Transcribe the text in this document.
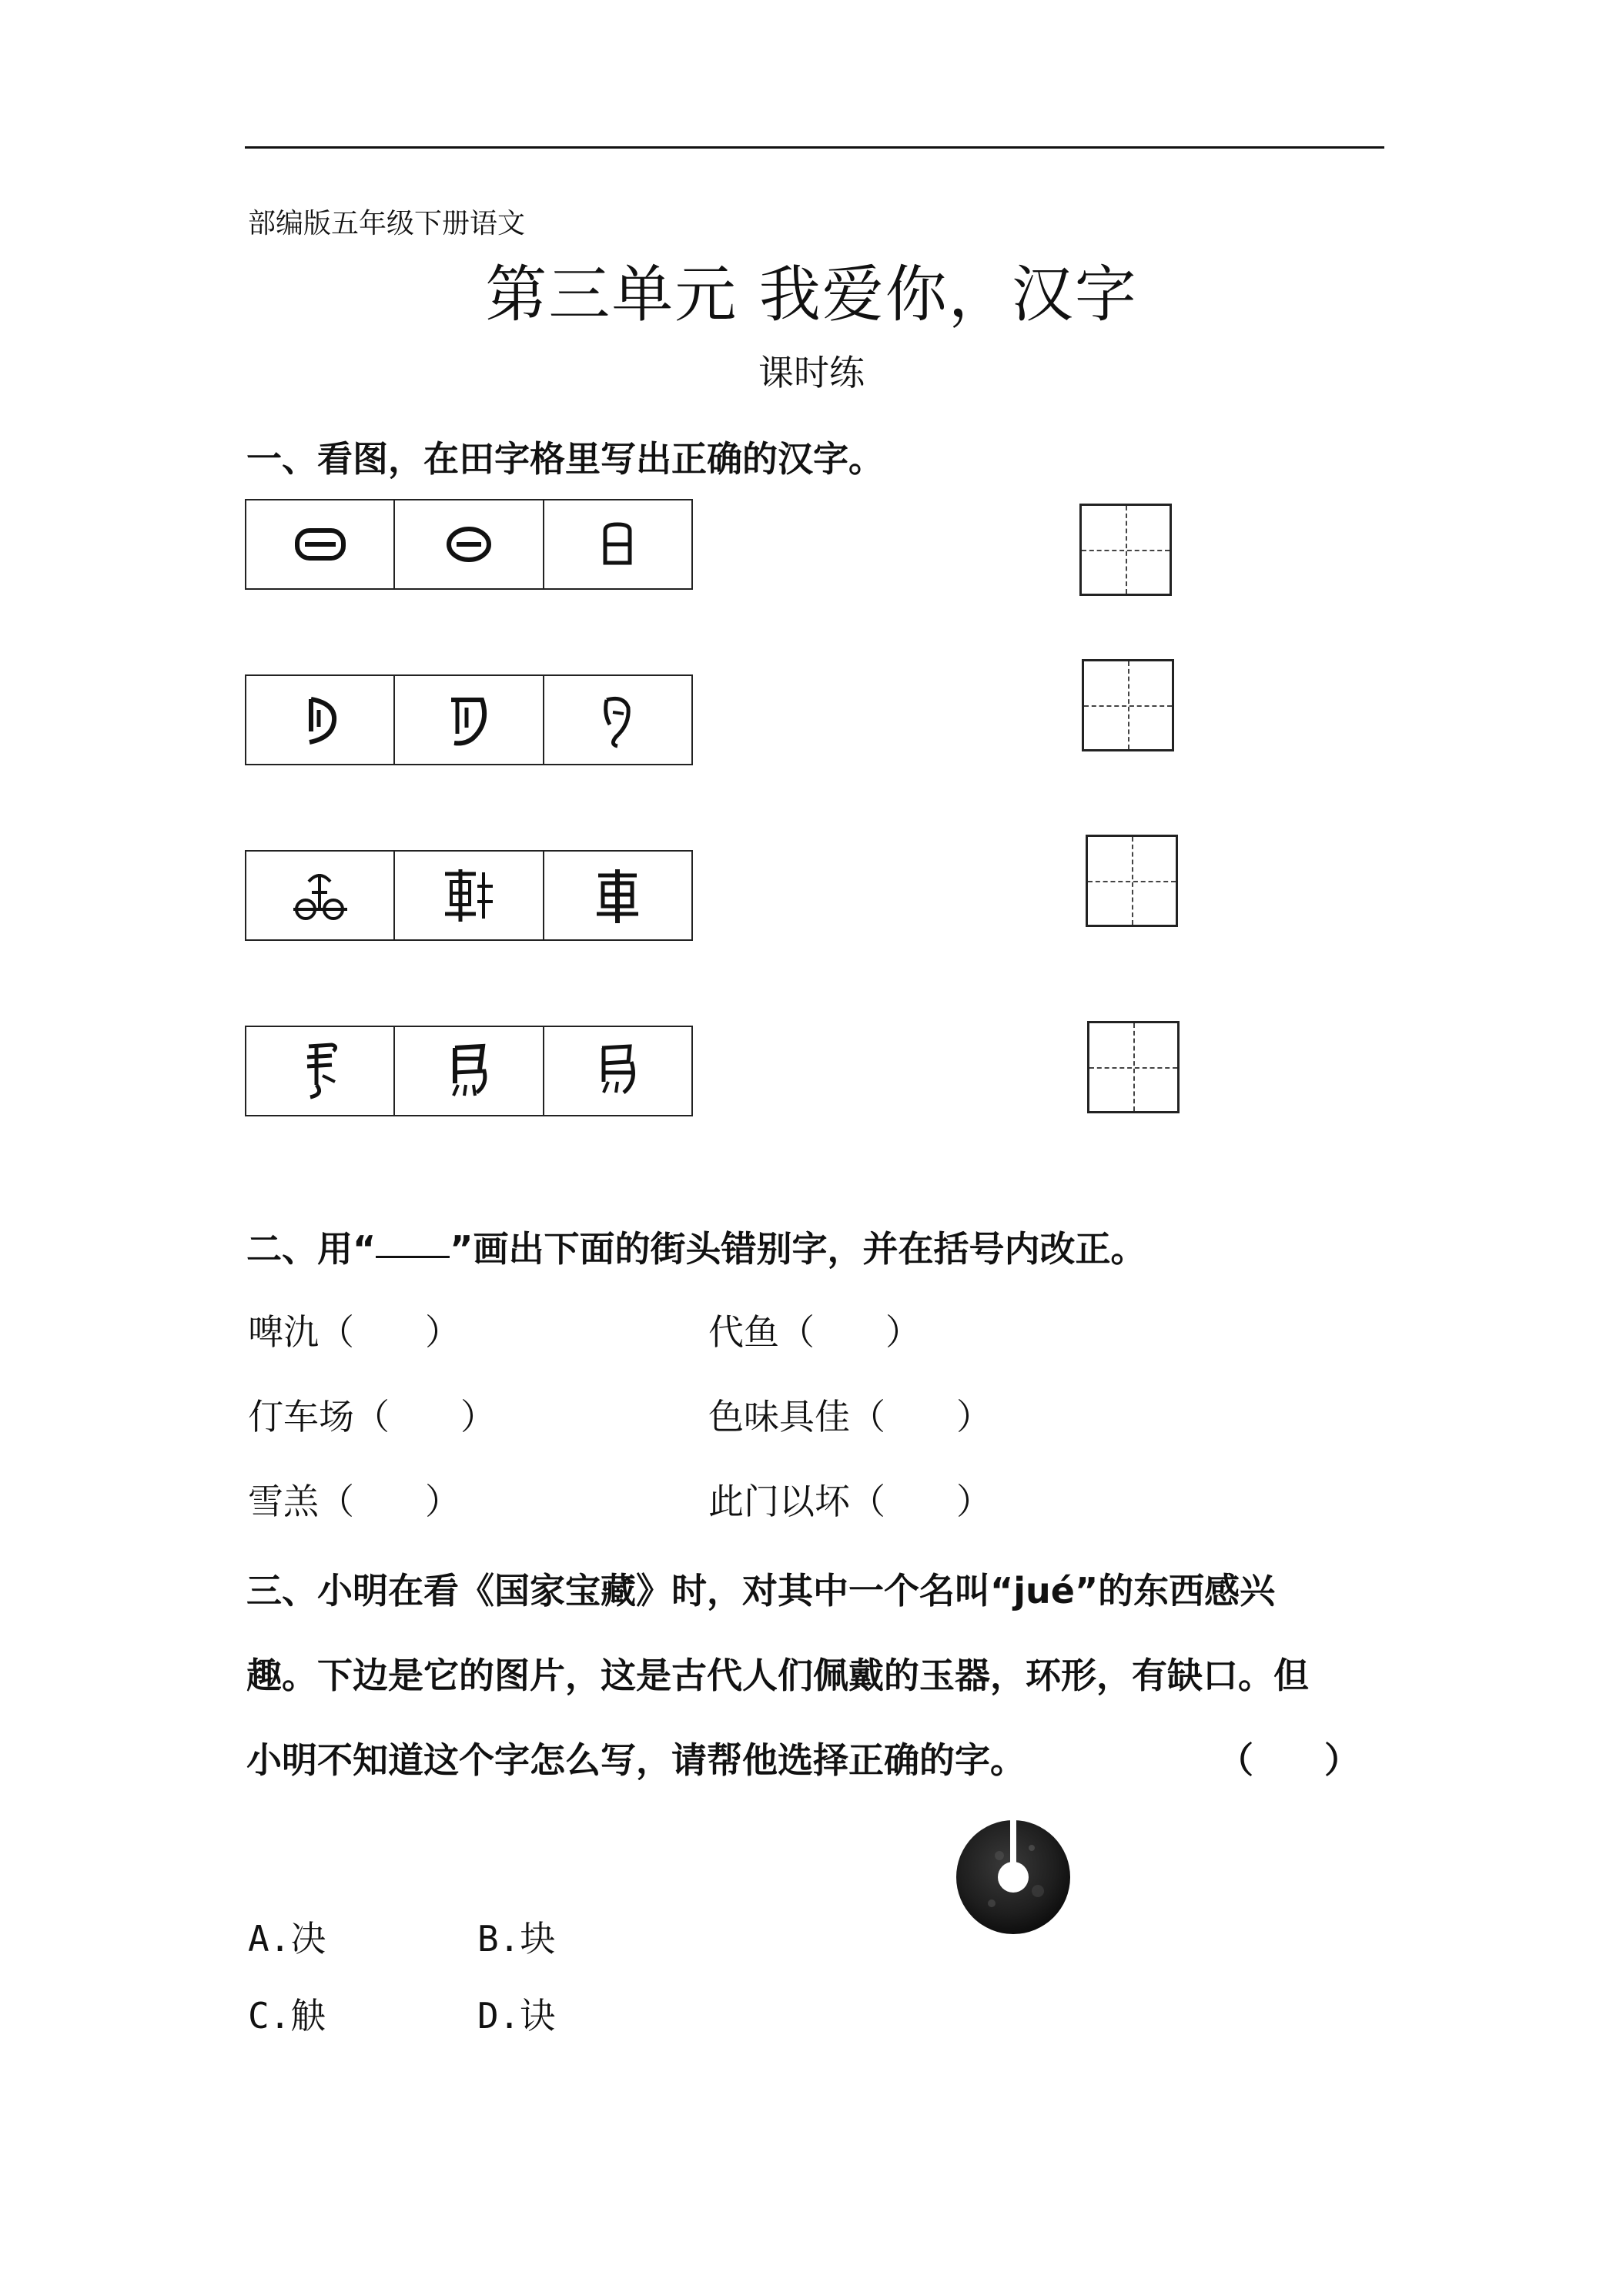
部编版五年级下册语文
第三单元 我爱你，汉字
课时练
一、看图，在田字格里写出正确的汉字。
二、用“ ”画出下面的街头错别字，并在括号内改正。
啤氿（　　）	代鱼（　　）
仃车场（　　）	色味具佳（　　）
雪羔（　　）	此门以坏（　　）
三、小明在看《国家宝藏》时，对其中一个名叫“jué”的东西感兴
趣。下边是它的图片，这是古代人们佩戴的玉器，环形，有缺口。但
小明不知道这个字怎么写，请帮他选择正确的字。	（　　）
A.决	B.块
C.觖	D.诀
